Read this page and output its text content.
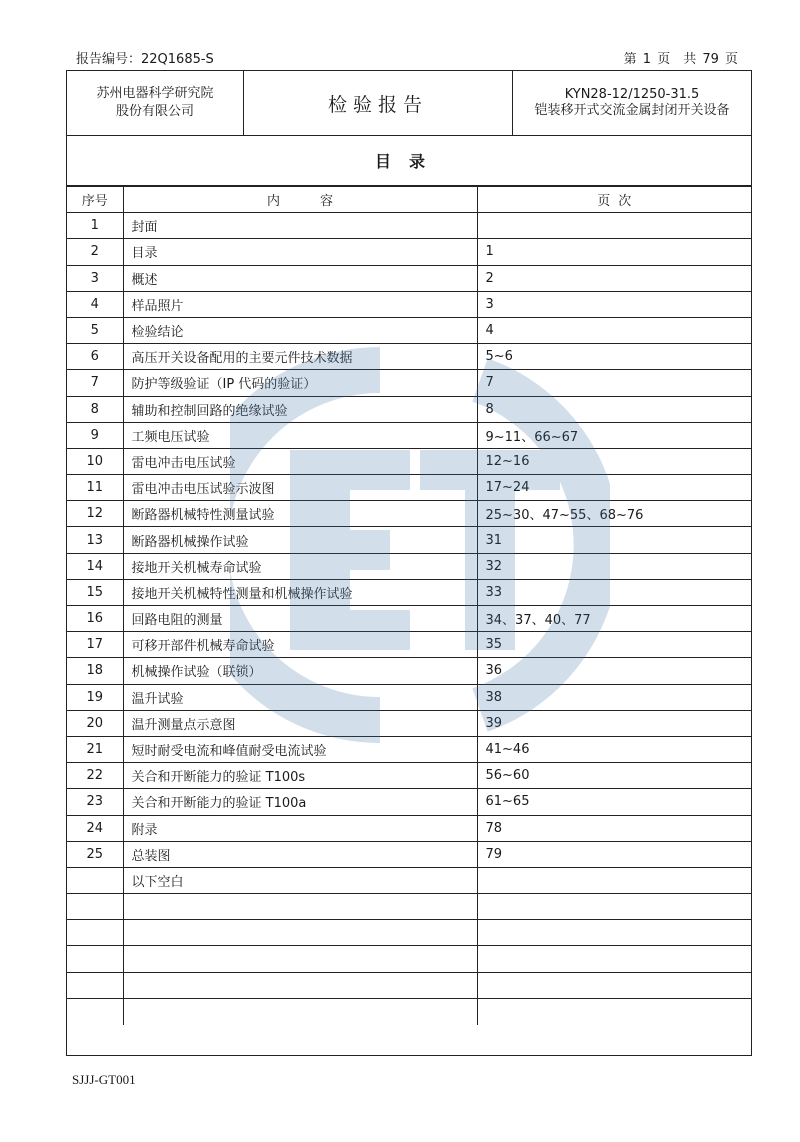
报告编号：22Q1685-S	第 1 页　共 79 页
苏州电器科学研究院
股份有限公司	检验报告	KYN28-12/1250-31.5
铠装移开式交流金属封闭开关设备
目录
序号	内容	页次
1	封面	
2	目录	1
3	概述	2
4	样品照片	3
5	检验结论	4
6	高压开关设备配用的主要元件技术数据	5~6
7	防护等级验证（IP 代码的验证）	7
8	辅助和控制回路的绝缘试验	8
9	工频电压试验	9~11、66~67
10	雷电冲击电压试验	12~16
11	雷电冲击电压试验示波图	17~24
12	断路器机械特性测量试验	25~30、47~55、68~76
13	断路器机械操作试验	31
14	接地开关机械寿命试验	32
15	接地开关机械特性测量和机械操作试验	33
16	回路电阻的测量	34、37、40、77
17	可移开部件机械寿命试验	35
18	机械操作试验（联锁）	36
19	温升试验	38
20	温升测量点示意图	39
21	短时耐受电流和峰值耐受电流试验	41~46
22	关合和开断能力的验证 T100s	56~60
23	关合和开断能力的验证 T100a	61~65
24	附录	78
25	总装图	79
	以下空白	

SJJJ-GT001
